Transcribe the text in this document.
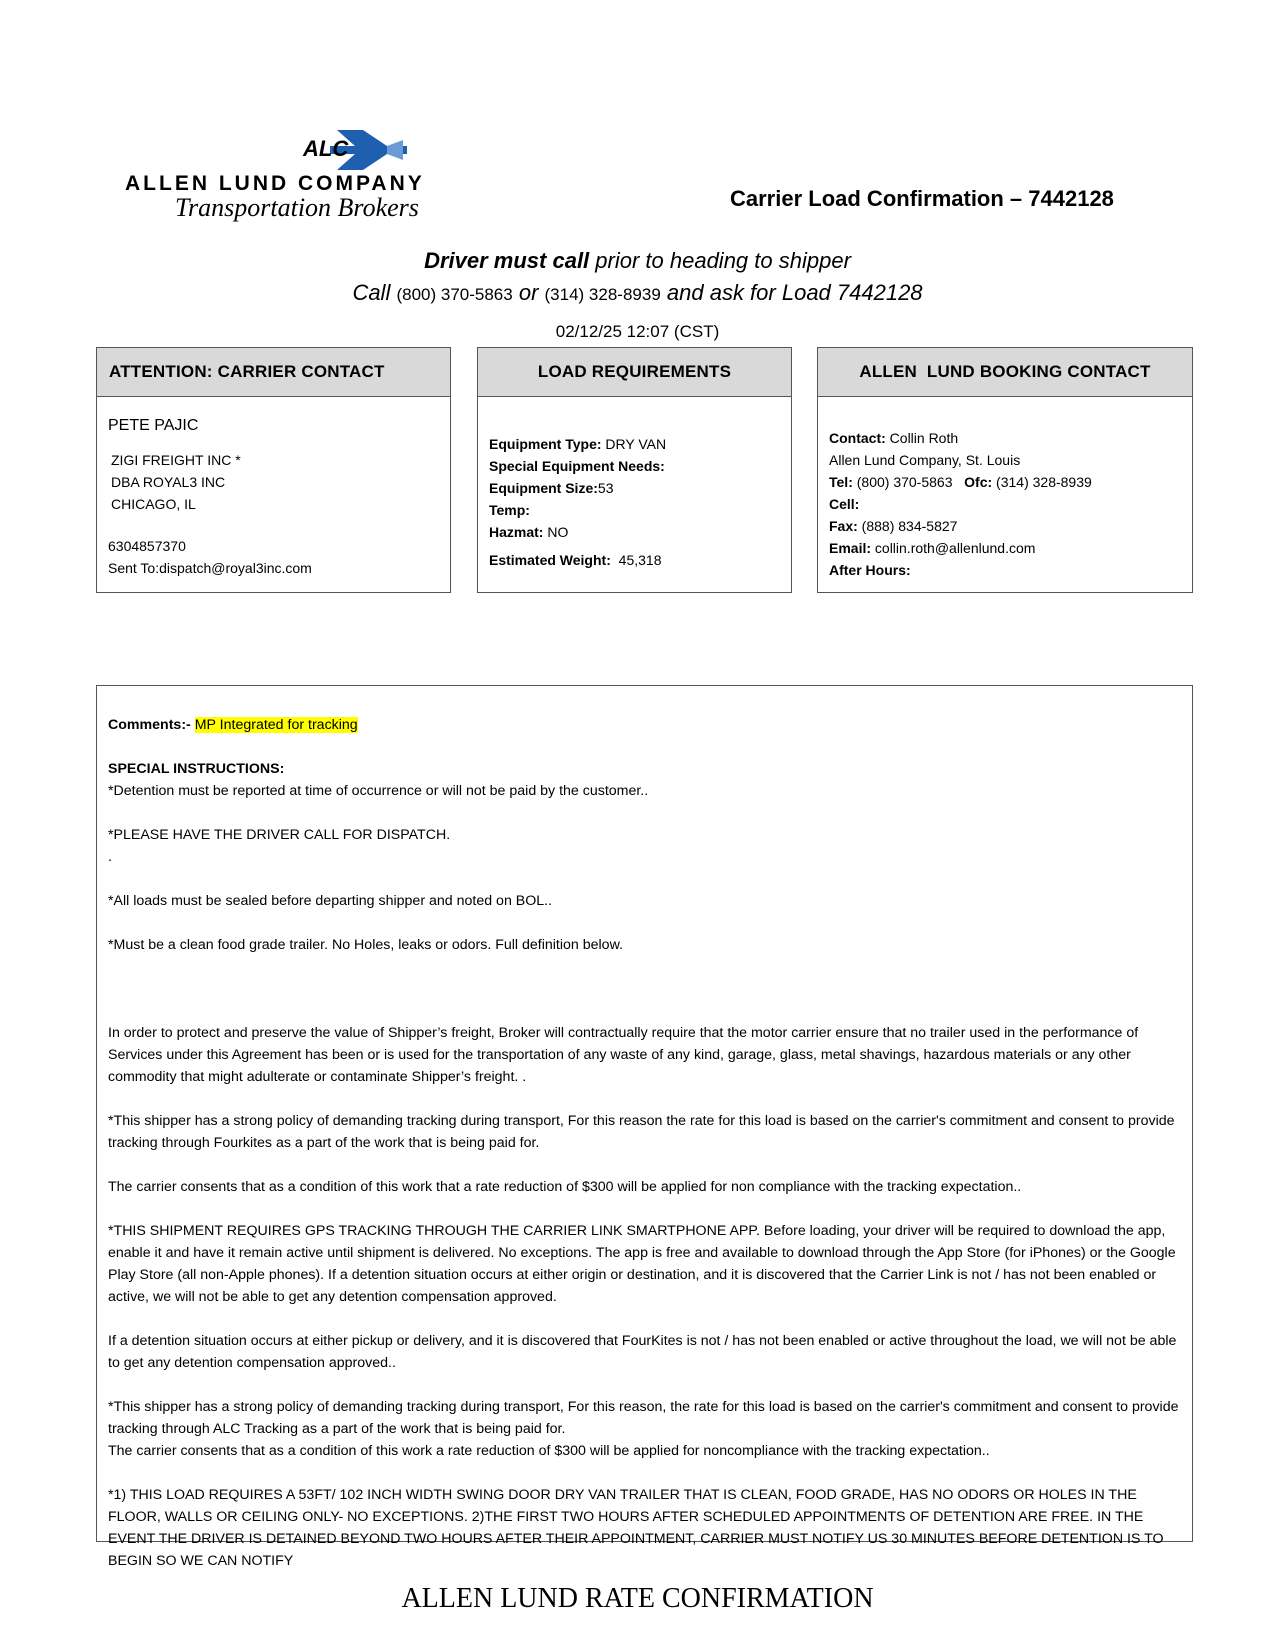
ALC
ALLEN LUND COMPANY
Transportation Brokers	Carrier Load Confirmation – 7442128
Driver must call prior to heading to shipper
Call (800) 370-5863 or (314) 328-8939 and ask for Load 7442128
02/12/25 12:07 (CST)
ATTENTION: CARRIER CONTACT
PETE PAJIC
ZIGI FREIGHT INC *
DBA ROYAL3 INC
CHICAGO, IL
6304857370
Sent To:dispatch@royal3inc.com
LOAD REQUIREMENTS
Equipment Type: DRY VAN
Special Equipment Needs:
Equipment Size:53
Temp:
Hazmat: NO
Estimated Weight:  45,318
ALLEN  LUND BOOKING CONTACT
Contact: Collin Roth
Allen Lund Company, St. Louis
Tel: (800) 370-5863   Ofc: (314) 328-8939
Cell:
Fax: (888) 834-5827
Email: collin.roth@allenlund.com
After Hours:

Comments:- MP Integrated for tracking

SPECIAL INSTRUCTIONS:

*Detention must be reported at time of occurrence or will not be paid by the customer..

*PLEASE HAVE THE DRIVER CALL FOR DISPATCH.
.

*All loads must be sealed before departing shipper and noted on BOL..

*Must be a clean food grade trailer. No Holes, leaks or odors. Full definition below.

In order to protect and preserve the value of Shipper’s freight, Broker will contractually require that the motor carrier ensure that no trailer used in the performance of Services under this Agreement has been or is used for the transportation of any waste of any kind, garage, glass, metal shavings, hazardous materials or any other commodity that might adulterate or contaminate Shipper’s freight. .

*This shipper has a strong policy of demanding tracking during transport, For this reason the rate for this load is based on the carrier's commitment and consent to provide tracking through Fourkites as a part of the work that is being paid for.

The carrier consents that as a condition of this work that a rate reduction of $300 will be applied for non compliance with the tracking expectation..

*THIS SHIPMENT REQUIRES GPS TRACKING THROUGH THE CARRIER LINK SMARTPHONE APP. Before loading, your driver will be required to download the app, enable it and have it remain active until shipment is delivered. No exceptions. The app is free and available to download through the App Store (for iPhones) or the Google Play Store (all non-Apple phones). If a detention situation occurs at either origin or destination, and it is discovered that the Carrier Link is not / has not been enabled or active, we will not be able to get any detention compensation approved.

If a detention situation occurs at either pickup or delivery, and it is discovered that FourKites is not / has not been enabled or active throughout the load, we will not be able to get any detention compensation approved..

*This shipper has a strong policy of demanding tracking during transport, For this reason, the rate for this load is based on the carrier's commitment and consent to provide tracking through ALC Tracking as a part of the work that is being paid for.
The carrier consents that as a condition of this work a rate reduction of $300 will be applied for noncompliance with the tracking expectation..

*1) THIS LOAD REQUIRES A 53FT/ 102 INCH WIDTH SWING DOOR DRY VAN TRAILER THAT IS CLEAN, FOOD GRADE, HAS NO ODORS OR HOLES IN THE FLOOR, WALLS OR CEILING ONLY- NO EXCEPTIONS. 2)THE FIRST TWO HOURS AFTER SCHEDULED APPOINTMENTS OF DETENTION ARE FREE. IN THE EVENT THE DRIVER IS DETAINED BEYOND TWO HOURS AFTER THEIR APPOINTMENT, CARRIER MUST NOTIFY US 30 MINUTES BEFORE DETENTION IS TO BEGIN SO WE CAN NOTIFY

ALLEN LUND RATE CONFIRMATION
